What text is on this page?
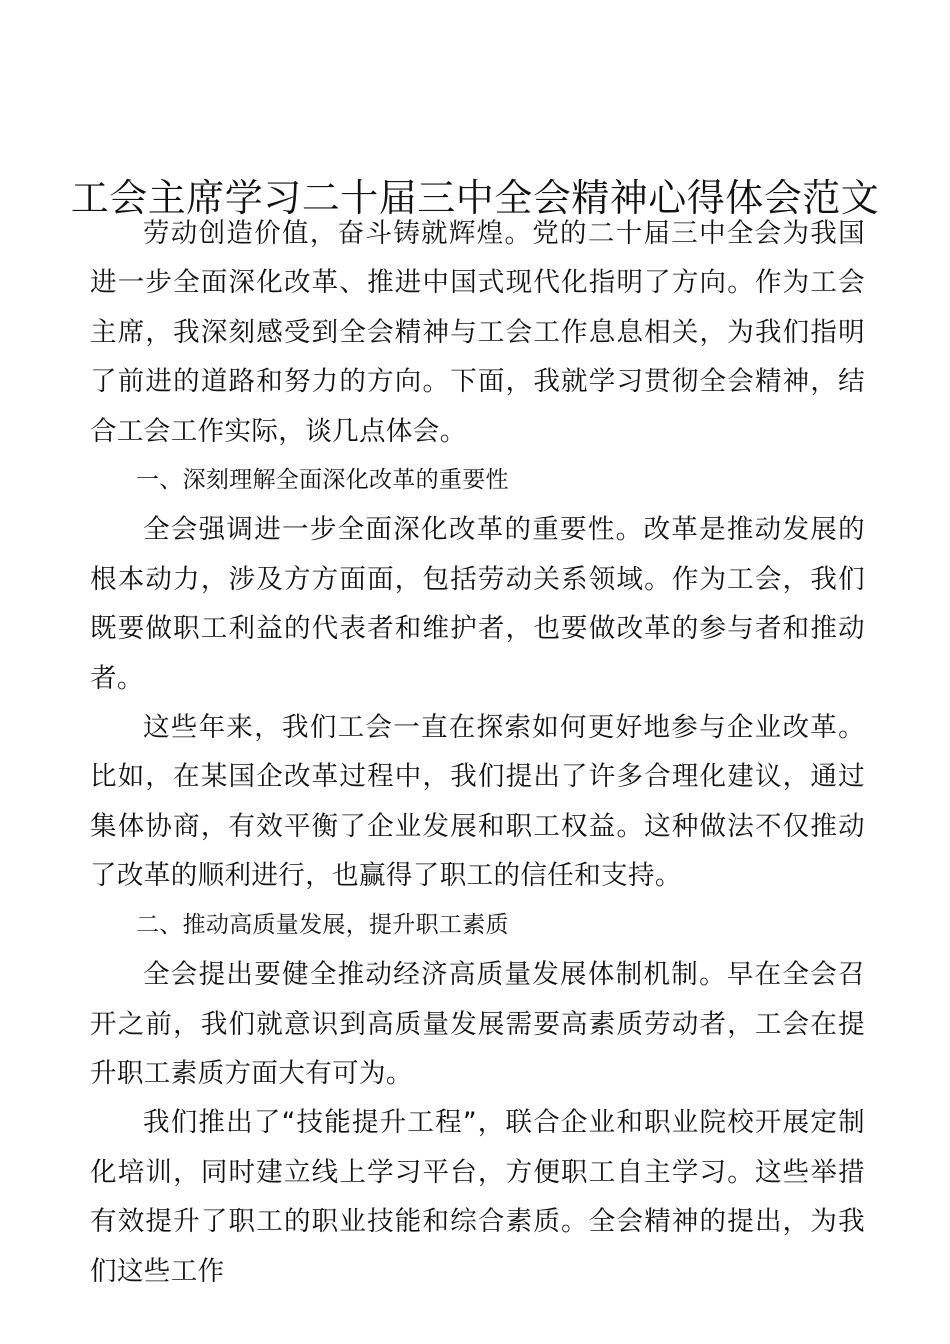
工会主席学习二十届三中全会精神心得体会范文

劳动创造价值，奋斗铸就辉煌。党的二十届三中全会为我国进一步全面深化改革、推进中国式现代化指明了方向。作为工会主席，我深刻感受到全会精神与工会工作息息相关，为我们指明了前进的道路和努力的方向。下面，我就学习贯彻全会精神，结合工会工作实际，谈几点体会。

一、深刻理解全面深化改革的重要性

全会强调进一步全面深化改革的重要性。改革是推动发展的根本动力，涉及方方面面，包括劳动关系领域。作为工会，我们既要做职工利益的代表者和维护者，也要做改革的参与者和推动者。

这些年来，我们工会一直在探索如何更好地参与企业改革。比如，在某国企改革过程中，我们提出了许多合理化建议，通过集体协商，有效平衡了企业发展和职工权益。这种做法不仅推动了改革的顺利进行，也赢得了职工的信任和支持。

二、推动高质量发展，提升职工素质

全会提出要健全推动经济高质量发展体制机制。早在全会召开之前，我们就意识到高质量发展需要高素质劳动者，工会在提升职工素质方面大有可为。

我们推出了“技能提升工程”，联合企业和职业院校开展定制化培训，同时建立线上学习平台，方便职工自主学习。这些举措有效提升了职工的职业技能和综合素质。全会精神的提出，为我们这些工作
